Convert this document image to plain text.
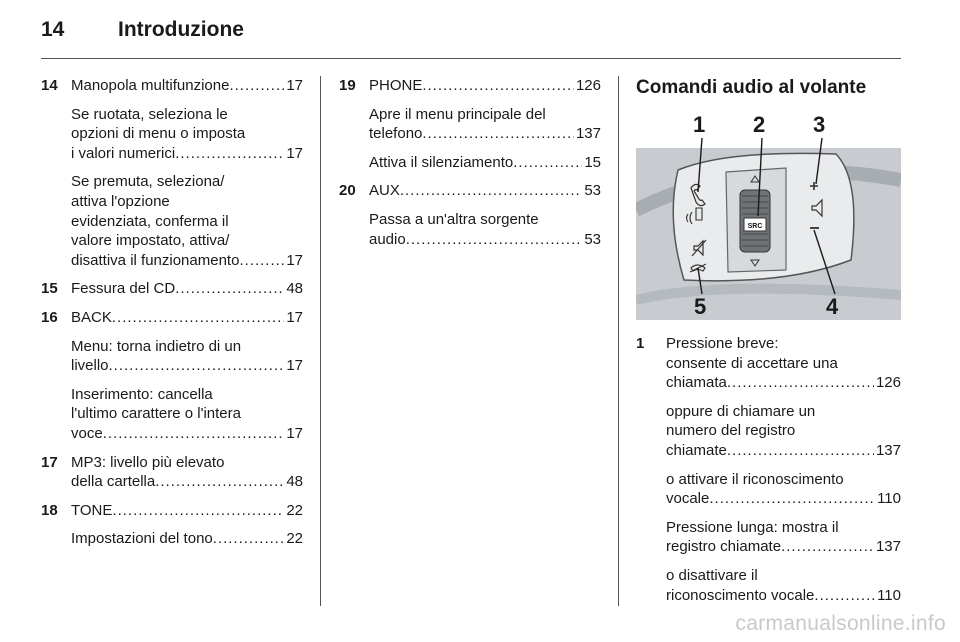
14	Introduzione
14 Manopola multifunzione .....	17
Se ruotata, seleziona le
opzioni di menu o imposta
i valori numerici .....	17
Se premuta, seleziona/
attiva l'opzione
evidenziata, conferma il
valore impostato, attiva/
disattiva il funzionamento .....	17
15 Fessura del CD .....	48
16 BACK .....	17
Menu: torna indietro di un
livello .....	17
Inserimento: cancella
l'ultimo carattere o l'intera
voce .....	17
17 MP3: livello più elevato
della cartella .....	48
18 TONE .....	22
Impostazioni del tono .....	22
19 PHONE .....	126
Apre il menu principale del
telefono .....	137
Attiva il silenziamento .....	15
20 AUX .....	53
Passa a un'altra sorgente
audio .....	53
Comandi audio al volante
SRC
1 2 3
4
5
1	Pressione breve:
consente di accettare una
chiamata .....	126
oppure di chiamare un
numero del registro
chiamate .....	137
o attivare il riconoscimento
vocale .....	110
Pressione lunga: mostra il
registro chiamate .....	137
o disattivare il
riconoscimento vocale .....	110
carmanualsonline.info
